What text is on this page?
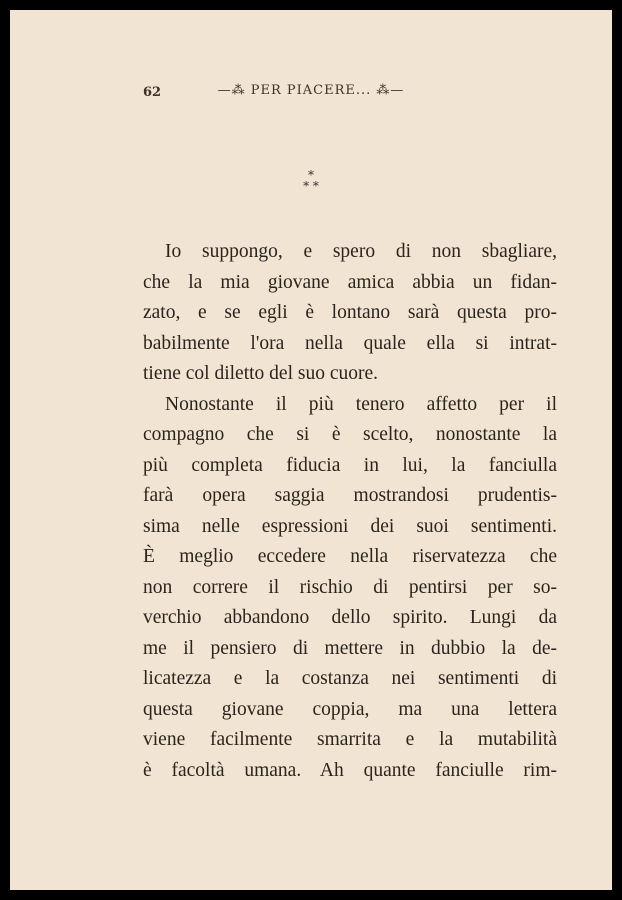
62	—⁂ PER PIACERE... ⁂—
*
* *
Io suppongo, e spero di non sbagliare,
che la mia giovane amica abbia un fidan-
zato, e se egli è lontano sarà questa pro-
babilmente l'ora nella quale ella si intrat-
tiene col diletto del suo cuore.
Nonostante il più tenero affetto per il
compagno che si è scelto, nonostante la
più completa fiducia in lui, la fanciulla
farà opera saggia mostrandosi prudentis-
sima nelle espressioni dei suoi sentimenti.
È meglio eccedere nella riservatezza che
non correre il rischio di pentirsi per so-
verchio abbandono dello spirito. Lungi da
me il pensiero di mettere in dubbio la de-
licatezza e la costanza nei sentimenti di
questa giovane coppia, ma una lettera
viene facilmente smarrita e la mutabilità
è facoltà umana. Ah quante fanciulle rim-
